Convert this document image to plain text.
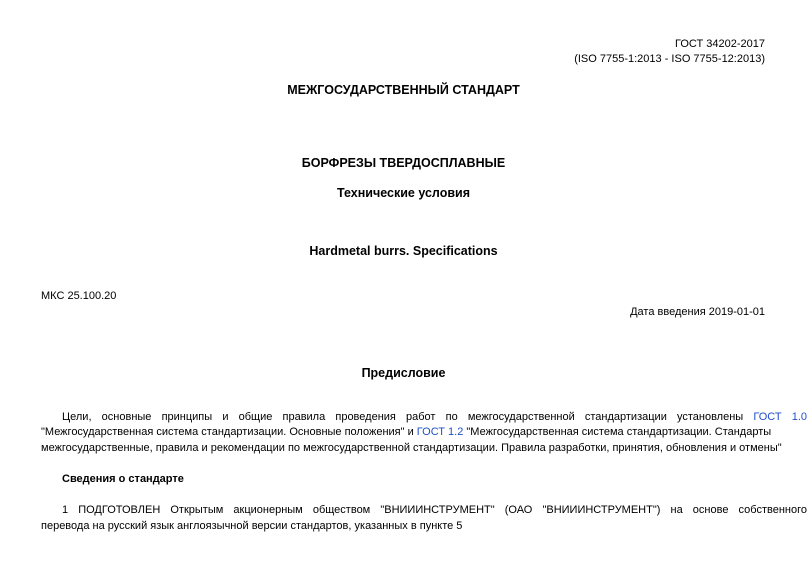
ГОСТ 34202-2017
(ISO 7755-1:2013 - ISO 7755-12:2013)
МЕЖГОСУДАРСТВЕННЫЙ СТАНДАРТ
БОРФРЕЗЫ ТВЕРДОСПЛАВНЫЕ
Технические условия
Hardmetal burrs. Specifications
МКС 25.100.20
Дата введения 2019-01-01
Предисловие
Цели, основные принципы и общие правила проведения работ по межгосударственной стандартизации установлены ГОСТ 1.0
"Межгосударственная система стандартизации. Основные положения" и ГОСТ 1.2 "Межгосударственная система стандартизации. Стандарты
межгосударственные, правила и рекомендации по межгосударственной стандартизации. Правила разработки, принятия, обновления и отмены"
Сведения о стандарте
1 ПОДГОТОВЛЕН Открытым акционерным обществом "ВНИИИНСТРУМЕНТ" (ОАО "ВНИИИНСТРУМЕНТ") на основе собственного
перевода на русский язык англоязычной версии стандартов, указанных в пункте 5
